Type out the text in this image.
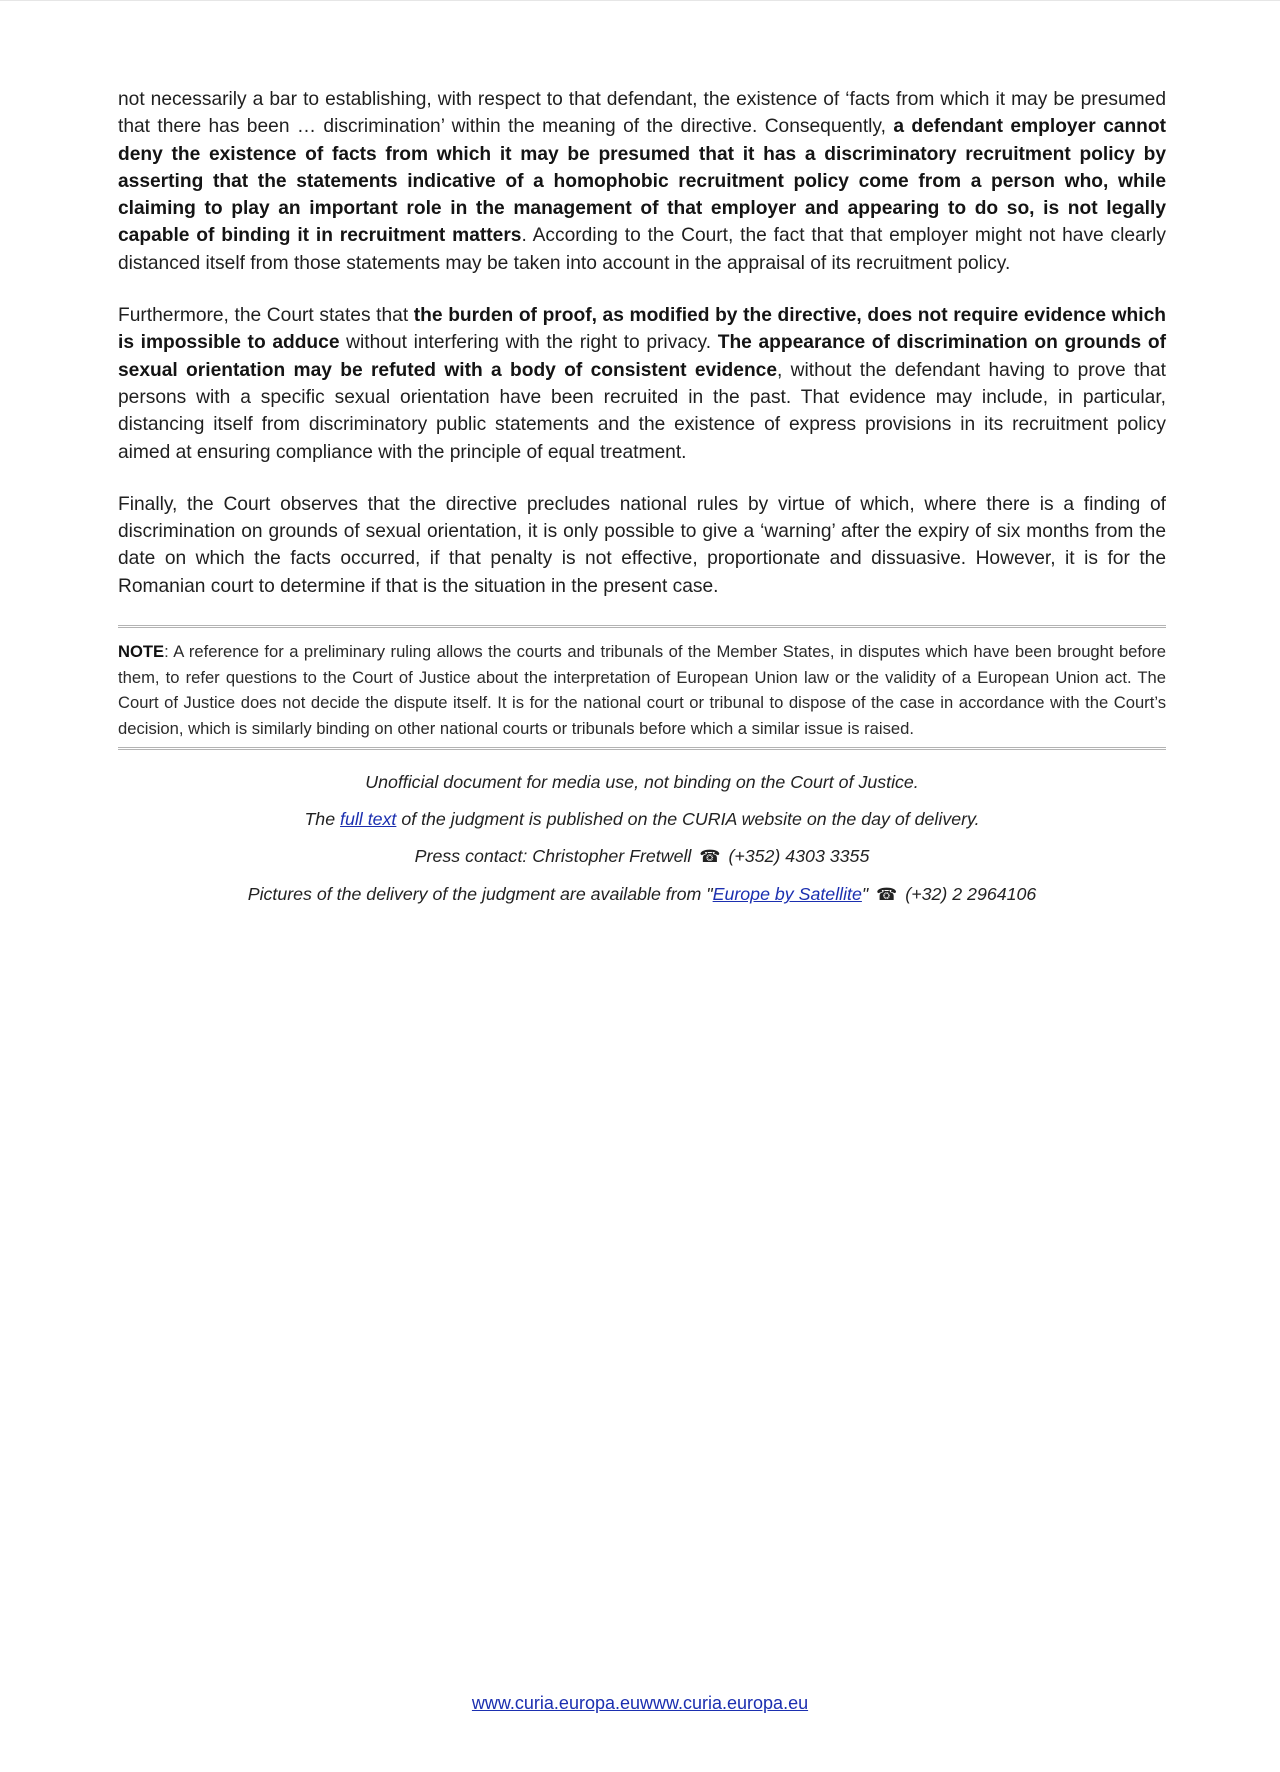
not necessarily a bar to establishing, with respect to that defendant, the existence of ‘facts from which it may be presumed that there has been … discrimination’ within the meaning of the directive. Consequently, a defendant employer cannot deny the existence of facts from which it may be presumed that it has a discriminatory recruitment policy by asserting that the statements indicative of a homophobic recruitment policy come from a person who, while claiming to play an important role in the management of that employer and appearing to do so, is not legally capable of binding it in recruitment matters. According to the Court, the fact that that employer might not have clearly distanced itself from those statements may be taken into account in the appraisal of its recruitment policy.

Furthermore, the Court states that the burden of proof, as modified by the directive, does not require evidence which is impossible to adduce without interfering with the right to privacy. The appearance of discrimination on grounds of sexual orientation may be refuted with a body of consistent evidence, without the defendant having to prove that persons with a specific sexual orientation have been recruited in the past. That evidence may include, in particular, distancing itself from discriminatory public statements and the existence of express provisions in its recruitment policy aimed at ensuring compliance with the principle of equal treatment.

Finally, the Court observes that the directive precludes national rules by virtue of which, where there is a finding of discrimination on grounds of sexual orientation, it is only possible to give a ‘warning’ after the expiry of six months from the date on which the facts occurred, if that penalty is not effective, proportionate and dissuasive. However, it is for the Romanian court to determine if that is the situation in the present case.

NOTE: A reference for a preliminary ruling allows the courts and tribunals of the Member States, in disputes which have been brought before them, to refer questions to the Court of Justice about the interpretation of European Union law or the validity of a European Union act. The Court of Justice does not decide the dispute itself. It is for the national court or tribunal to dispose of the case in accordance with the Court’s decision, which is similarly binding on other national courts or tribunals before which a similar issue is raised.

Unofficial document for media use, not binding on the Court of Justice.

The full text of the judgment is published on the CURIA website on the day of delivery.

Press contact: Christopher Fretwell ☎ (+352) 4303 3355

Pictures of the delivery of the judgment are available from "Europe by Satellite" ☎ (+32) 2 2964106

www.curia.europa.euwww.curia.europa.eu
